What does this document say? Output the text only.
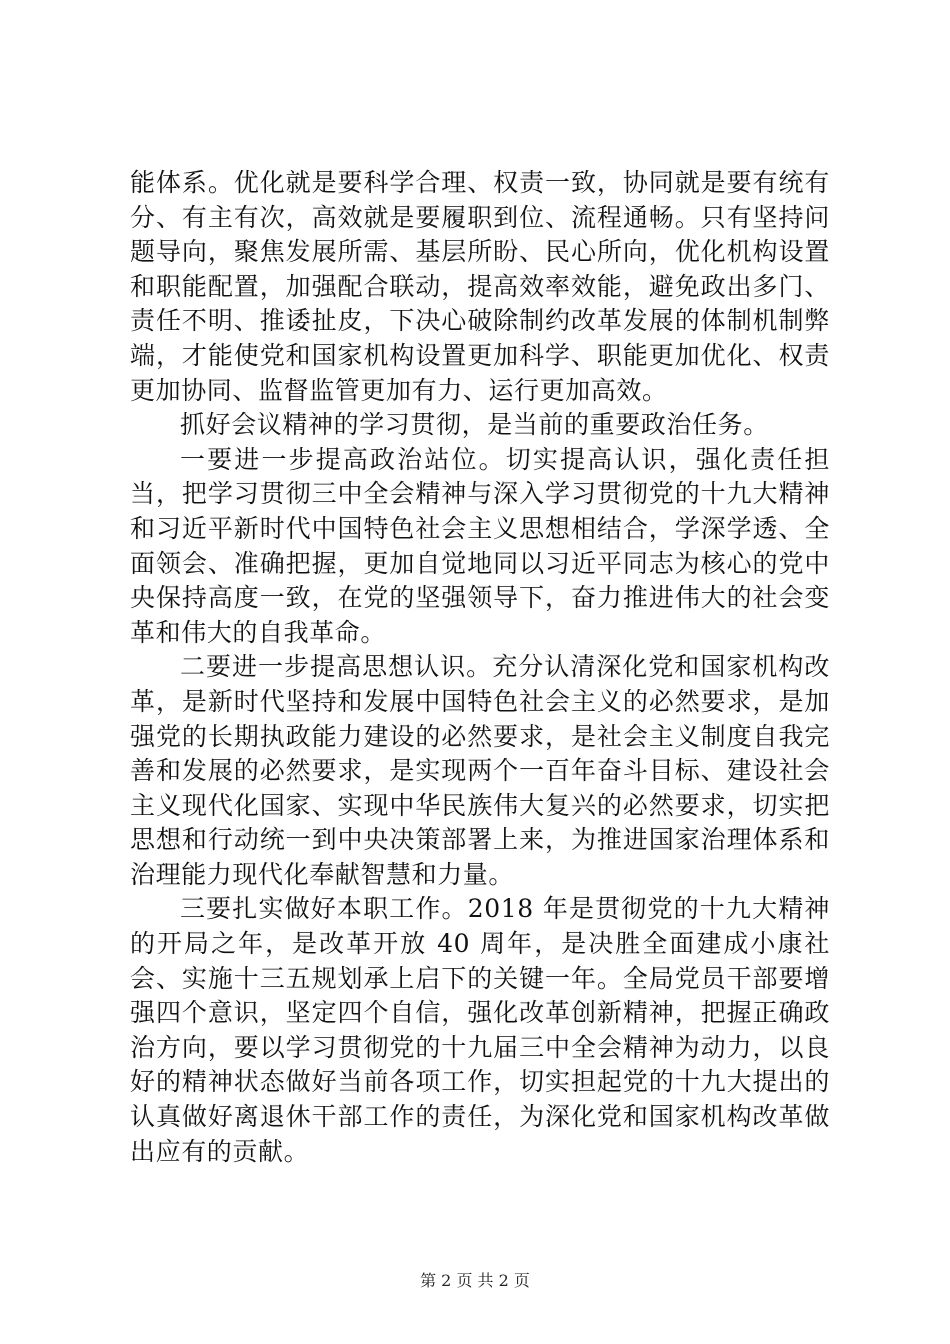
能体系。优化就是要科学合理、权责一致，协同就是要有统有分、有主有次，高效就是要履职到位、流程通畅。只有坚持问题导向，聚焦发展所需、基层所盼、民心所向，优化机构设置和职能配置，加强配合联动，提高效率效能，避免政出多门、责任不明、推诿扯皮，下决心破除制约改革发展的体制机制弊端，才能使党和国家机构设置更加科学、职能更加优化、权责更加协同、监督监管更加有力、运行更加高效。

抓好会议精神的学习贯彻，是当前的重要政治任务。

一要进一步提高政治站位。切实提高认识，强化责任担当，把学习贯彻三中全会精神与深入学习贯彻党的十九大精神和习近平新时代中国特色社会主义思想相结合，学深学透、全面领会、准确把握，更加自觉地同以习近平同志为核心的党中央保持高度一致，在党的坚强领导下，奋力推进伟大的社会变革和伟大的自我革命。

二要进一步提高思想认识。充分认清深化党和国家机构改革，是新时代坚持和发展中国特色社会主义的必然要求，是加强党的长期执政能力建设的必然要求，是社会主义制度自我完善和发展的必然要求，是实现两个一百年奋斗目标、建设社会主义现代化国家、实现中华民族伟大复兴的必然要求，切实把思想和行动统一到中央决策部署上来，为推进国家治理体系和治理能力现代化奉献智慧和力量。

三要扎实做好本职工作。2018 年是贯彻党的十九大精神的开局之年，是改革开放 40 周年，是决胜全面建成小康社会、实施十三五规划承上启下的关键一年。全局党员干部要增强四个意识，坚定四个自信，强化改革创新精神，把握正确政治方向，要以学习贯彻党的十九届三中全会精神为动力，以良好的精神状态做好当前各项工作，切实担起党的十九大提出的认真做好离退休干部工作的责任，为深化党和国家机构改革做出应有的贡献。

第 2 页 共 2 页
